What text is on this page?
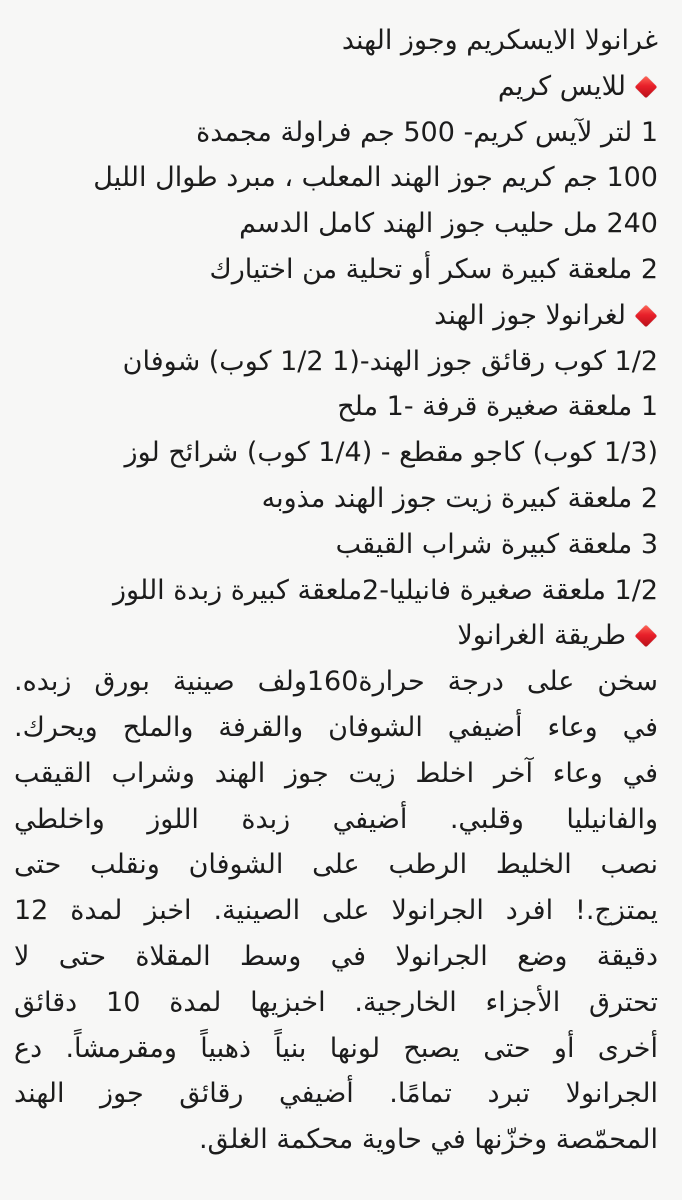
غرانولا الايسكريم وجوز الهند
للايس كريم
1 لتر لآيس كريم- 500 جم فراولة مجمدة
100 جم كريم جوز الهند المعلب ، مبرد طوال الليل
240 مل حليب جوز الهند كامل الدسم
2 ملعقة كبيرة سكر أو تحلية من اختيارك
لغرانولا جوز الهند
1/2 كوب رقائق جوز الهند-(1 1/2 كوب) شوفان
1 ملعقة صغيرة قرفة -1 ملح
(1/3 كوب) كاجو مقطع - (1/4 كوب) شرائح لوز
2 ملعقة كبيرة زيت جوز الهند مذوبه
3 ملعقة كبيرة شراب القيقب
1/2 ملعقة صغيرة فانيليا-2ملعقة كبيرة زبدة اللوز
طريقة الغرانولا
سخن على درجة حرارة160ولف صينية بورق زبده.
في وعاء أضيفي الشوفان والقرفة والملح ويحرك.
في وعاء آخر اخلط زيت جوز الهند وشراب القيقب
والفانيليا وقلبي. أضيفي زبدة اللوز واخلطي
نصب الخليط الرطب على الشوفان ونقلب حتى
يمتزج.! افرد الجرانولا على الصينية. اخبز لمدة 12
دقيقة وضع الجرانولا في وسط المقلاة حتى لا
تحترق الأجزاء الخارجية. اخبزيها لمدة 10 دقائق
أخرى أو حتى يصبح لونها بنياً ذهبياً ومقرمشاً. دع
الجرانولا تبرد تمامًا. أضيفي رقائق جوز الهند
المحمّصة وخزّنها في حاوية محكمة الغلق.
